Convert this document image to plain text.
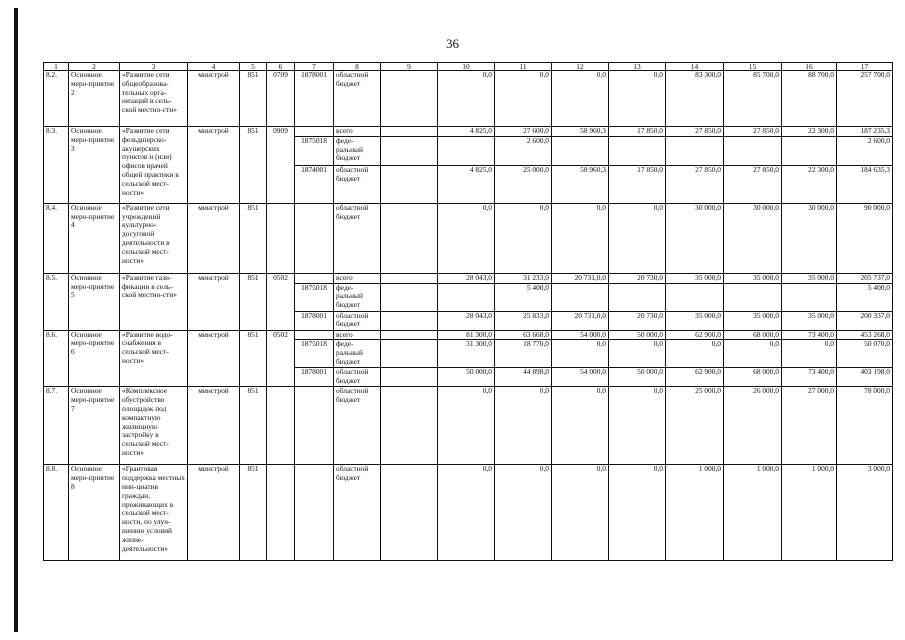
36
1	2	3	4	5	6	7	8	9	10	11	12	13	14	15	16	17
8.2.	Основное меро-приятие 2	«Развитие сети общеобразова-тельных орга-низаций в сель-ской местно-сти»	минстрой	851	0709	1878001	областной бюджет		0,0	0,0	0,0	0,0	83 300,0	85 700,0	88 700,0	257 700,0
8.3.	Основное меро-приятие 3	«Развитие сети фельдшерско-акушерских пунктов и (или) офисов врачей общей практики в сельской мест-ности»	минстрой	851	0909		всего		4 825,0	27 600,0	58 960,3	17 850,0	27 850,0	27 850,0	22 300,0	187 235,3
						1875018	феде-ральный бюджет			2 600,0						2 600,0
						1874001	областной бюджет		4 825,0	25 000,0	58 960,3	17 850,0	27 850,0	27 850,0	22 300,0	184 635,3
8.4.	Основное меро-приятие 4	«Развитие сети учреждений культурно-досуговой деятельности в сельской мест-ности»	минстрой	851			областной бюджет		0,0	0,0	0,0	0,0	30 000,0	30 000,0	30 000,0	90 000,0
8.5.	Основное меро-приятие 5	«Развитие гази-фикации в сель-ской местно-сти»	минстрой	851	0502		всего		28 043,0	31 233,0	20 731,0,0	20 730,0	35 000,0	35 000,0	35 000,0	205 737,0
						1875018	феде-ральный бюджет			5 400,0						5 400,0
						1878001	областной бюджет		28 043,0	25 833,0	20 731,0,0	20 730,0	35 000,0	35 000,0	35 000,0	200 337,0
8.6.	Основное меро-приятие 6	«Развитие водо-снабжения в сельской мест-ности»	минстрой	851	0502		всего		81 300,0	63 668,0	54 000,0	50 000,0	62 900,0	68 000,0	73 400,0	453 268,0
						1875018	феде-ральный бюджет		31 300,0	18 770,0	0,0	0,0	0,0	0,0	0,0	50 070,0
						1878001	областной бюджет		50 000,0	44 898,0	54 000,0	50 000,0	62 900,0	68 000,0	73 400,0	403 198,0
8.7.	Основное меро-приятие 7	«Комплексное обустройство площадок под компактную жилищную застройку в сельской мест-ности»	минстрой	851			областной бюджет		0,0	0,0	0,0	0,0	25 000,0	26 000,0	27 000,0	78 000,0
8.8.	Основное меро-приятие 8	«Грантовая поддержка местных ини-циатив граждан, проживающих в сельской мест-ности, по улуч-шению условий жизне-деятельности»	минстрой	851			областной бюджет		0,0	0,0	0,0	0,0	1 000,0	1 000,0	1 000,0	3 000,0
